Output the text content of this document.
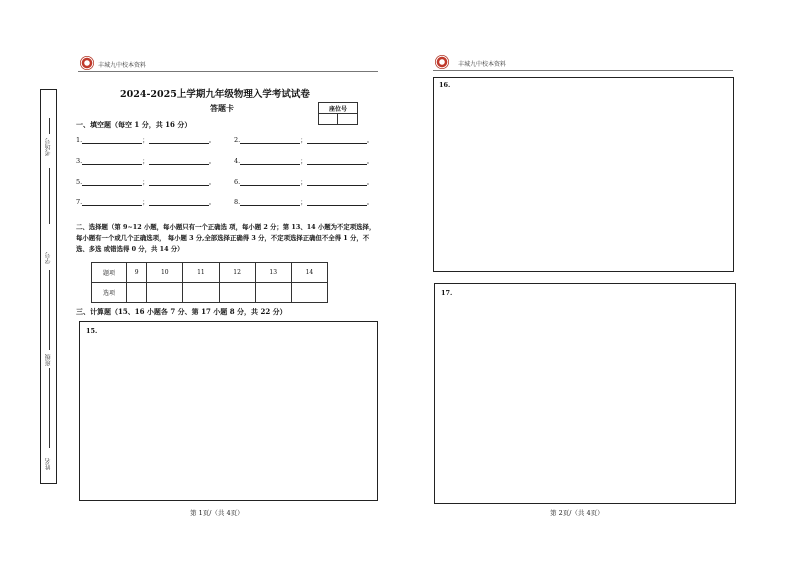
考场号
学号
班级
姓名
丰城九中校本资料
2024-2025上学期九年级物理入学考试试卷
答题卡	座位号

一、填空题（每空 1 分，共 16 分）
1.	；	。	2.	；	。
3.	；	。	4.	；	。
5.	；	。	6.	；	。
7.	；	。	8.	；	。
二、选择题（第 9~12 小题，每小题只有一个正确选 项，每小题 2 分；第 13、14 小题为不定项选择，每小题有一个或几个正确选项， 每小题 3 分,全部选择正确得 3 分，不定项选择正确但不全得 1 分，不选、多选 或错选得 0 分，共 14 分）
题项	9	10	11	12	13	14
选项						
三、计算题（15、16 小题各 7 分、第 17 小题 8 分，共 22 分）
15.
第 1页/（共 4页）
丰城九中校本资料
16.
17.
第 2页/（共 4页）
